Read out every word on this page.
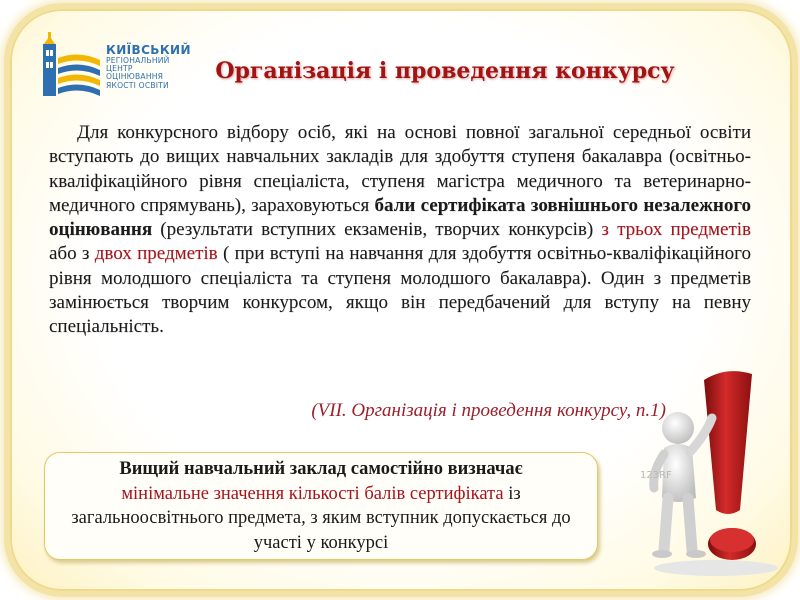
КИЇВСЬКИЙ
РЕГІОНАЛЬНИЙ
ЦЕНТР ОЦІНЮВАННЯ
ЯКОСТІ ОСВІТИ
Організація і проведення конкурсу
Для конкурсного відбору осіб, які на основі повної загальної середньої освіти вступають до вищих навчальних закладів для здобуття ступеня бакалавра (освітньо-кваліфікаційного рівня спеціаліста, ступеня магістра медичного та ветеринарно-медичного спрямувань), зараховуються бали сертифіката зовнішнього незалежного оцінювання (результати вступних екзаменів, творчих конкурсів) з трьох предметів або з двох предметів ( при вступі на навчання для здобуття освітньо-кваліфікаційного рівня молодшого спеціаліста та ступеня молодшого бакалавра). Один з предметів замінюється творчим конкурсом, якщо він передбачений для вступу на певну спеціальність.
(VII. Організація і проведення конкурсу, п.1)
Вищий навчальний заклад самостійно визначає
мінімальне значення кількості балів сертифіката із загальноосвітнього предмета, з яким вступник допускається до участі у конкурсі
123RF
